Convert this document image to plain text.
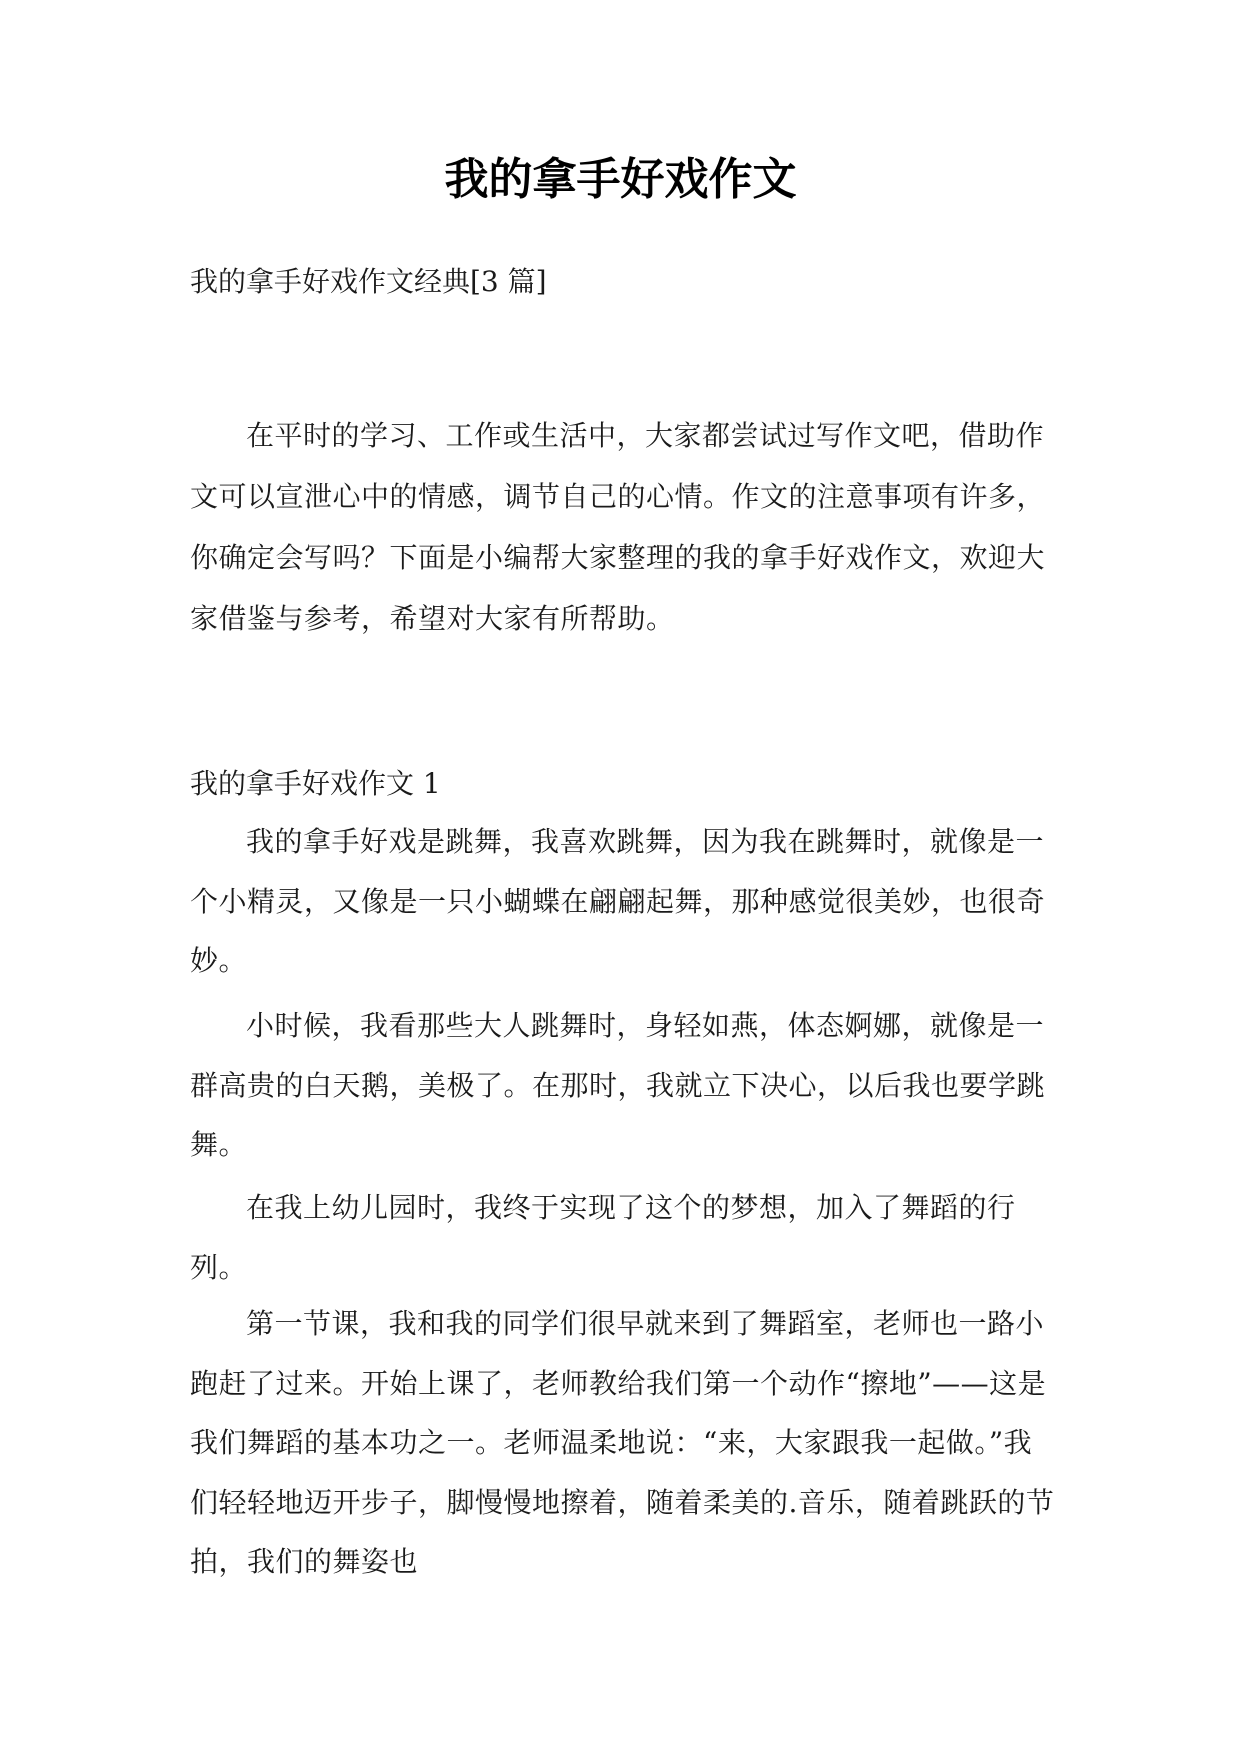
我的拿手好戏作文
我的拿手好戏作文经典[3 篇]

在平时的学习、工作或生活中，大家都尝试过写作文吧，借助作文可以宣泄心中的情感，调节自己的心情。作文的注意事项有许多，你确定会写吗？下面是小编帮大家整理的我的拿手好戏作文，欢迎大家借鉴与参考，希望对大家有所帮助。

我的拿手好戏作文 1

我的拿手好戏是跳舞，我喜欢跳舞，因为我在跳舞时，就像是一个小精灵，又像是一只小蝴蝶在翩翩起舞，那种感觉很美妙，也很奇妙。

小时候，我看那些大人跳舞时，身轻如燕，体态婀娜，就像是一群高贵的白天鹅，美极了。在那时，我就立下决心，以后我也要学跳舞。

在我上幼儿园时，我终于实现了这个的梦想，加入了舞蹈的行列。

第一节课，我和我的同学们很早就来到了舞蹈室，老师也一路小跑赶了过来。开始上课了，老师教给我们第一个动作“擦地”——这是我们舞蹈的基本功之一。老师温柔地说：“来，大家跟我一起做。”我们轻轻地迈开步子，脚慢慢地擦着，随着柔美的.音乐，随着跳跃的节拍，我们的舞姿也
